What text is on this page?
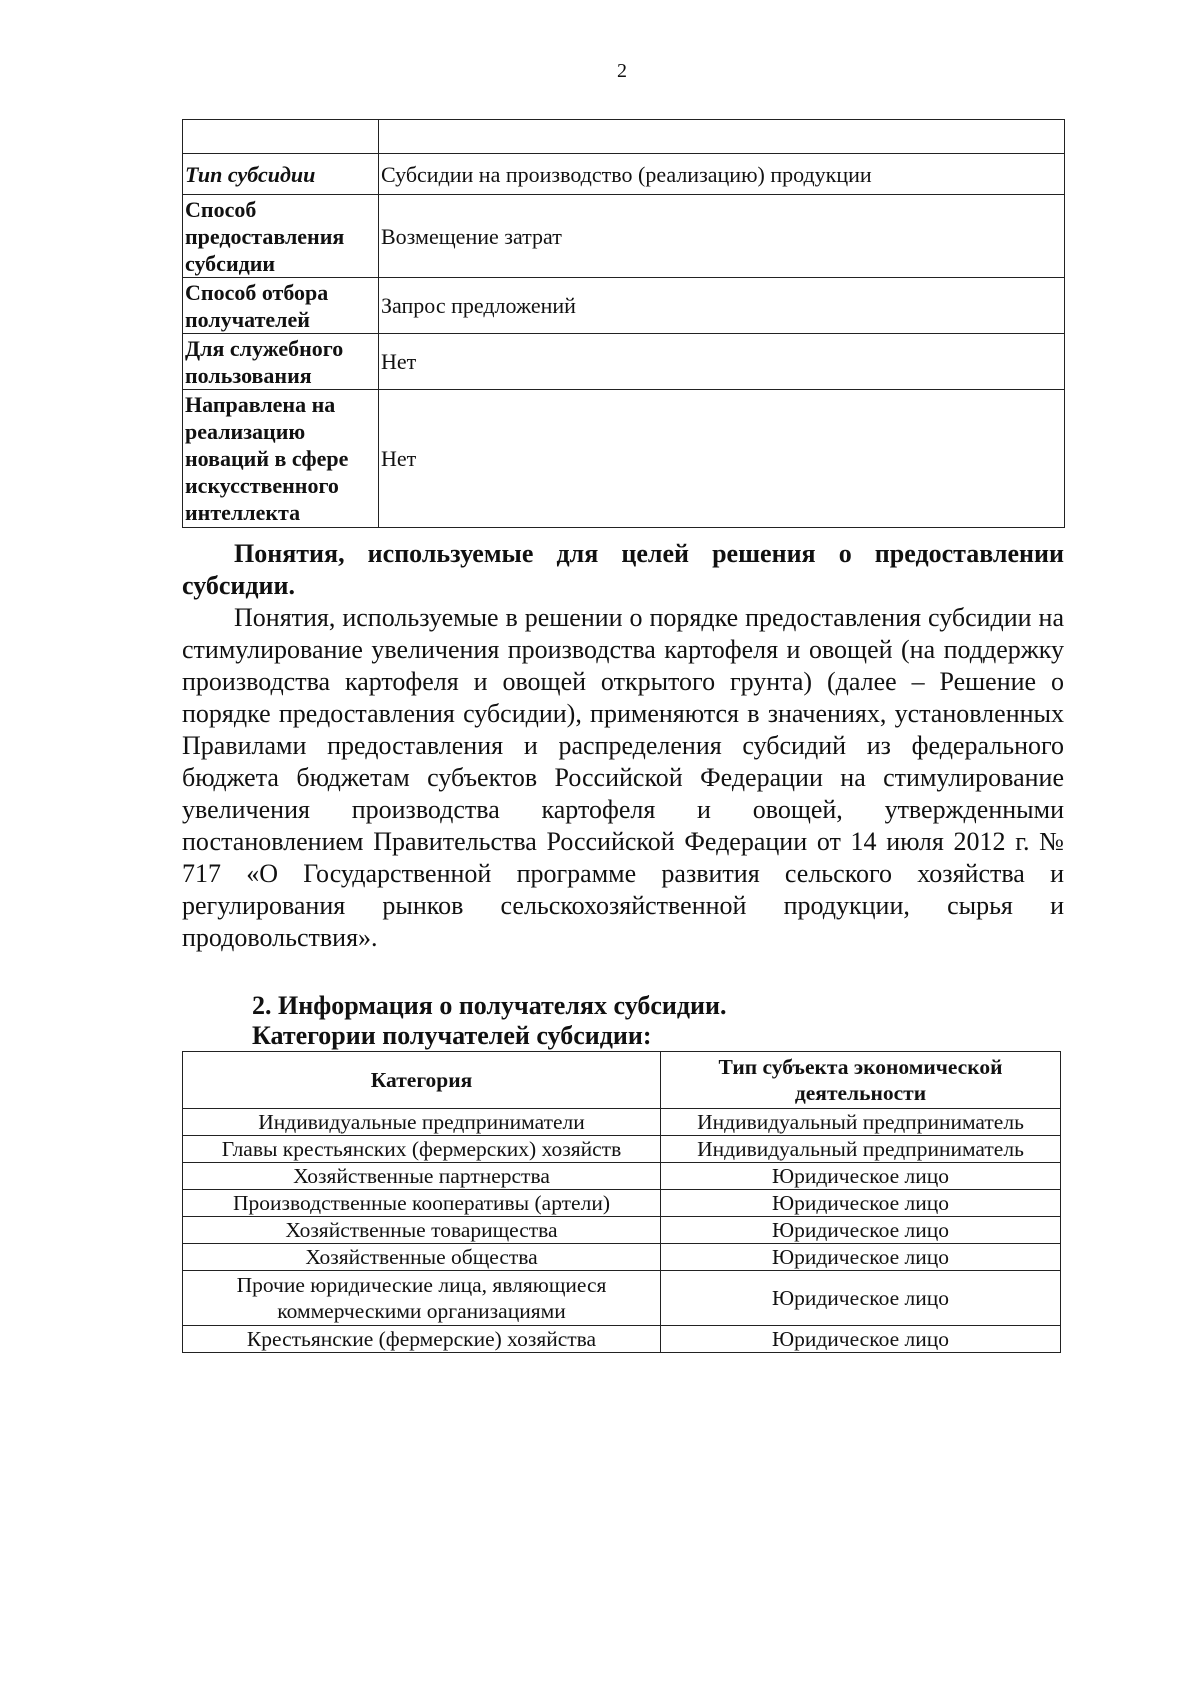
2

Тип субсидии	Субсидии на производство (реализацию) продукции
Способ предоставления субсидии	Возмещение затрат
Способ отбора получателей	Запрос предложений
Для служебного пользования	Нет
Направлена на реализацию новаций в сфере искусственного интеллекта	Нет
Понятия, используемые для целей решения о предоставлении субсидии.
Понятия, используемые в решении о порядке предоставления субсидии на стимулирование увеличения производства картофеля и овощей (на поддержку производства картофеля и овощей открытого грунта) (далее – Решение о порядке предоставления субсидии), применяются в значениях, установленных Правилами предоставления и распределения субсидий из федерального бюджета бюджетам субъектов Российской Федерации на стимулирование увеличения производства картофеля и овощей, утвержденными постановлением Правительства Российской Федерации от 14 июля 2012 г. № 717 «О Государственной программе развития сельского хозяйства и регулирования рынков сельскохозяйственной продукции, сырья и продовольствия».
2. Информация о получателях субсидии.
Категории получателей субсидии:
Категория	Тип субъекта экономической деятельности
Индивидуальные предприниматели	Индивидуальный предприниматель
Главы крестьянских (фермерских) хозяйств	Индивидуальный предприниматель
Хозяйственные партнерства	Юридическое лицо
Производственные кооперативы (артели)	Юридическое лицо
Хозяйственные товарищества	Юридическое лицо
Хозяйственные общества	Юридическое лицо
Прочие юридические лица, являющиеся коммерческими организациями	Юридическое лицо
Крестьянские (фермерские) хозяйства	Юридическое лицо
